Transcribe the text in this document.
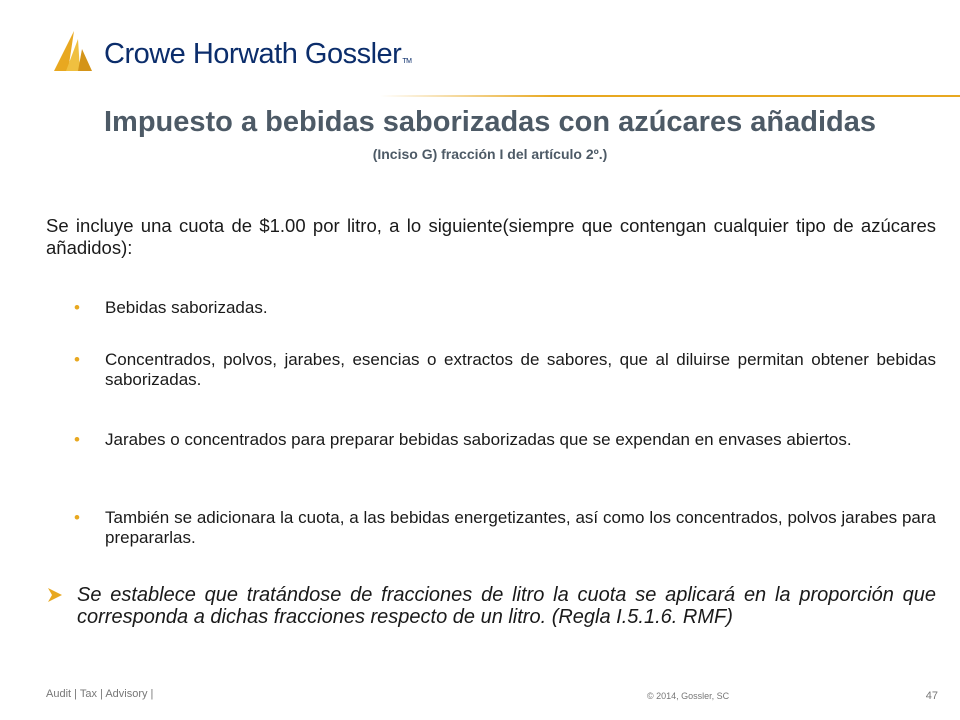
Crowe Horwath GosslerTM
Impuesto a bebidas saborizadas con azúcares añadidas
(Inciso G) fracción I del artículo 2º.)
Se incluye una cuota de $1.00 por litro, a lo siguiente(siempre que contengan cualquier tipo de azúcares añadidos):
• Bebidas saborizadas.
• Concentrados, polvos, jarabes, esencias o extractos de sabores, que al diluirse permitan obtener bebidas saborizadas.
• Jarabes o concentrados para preparar bebidas saborizadas que se expendan en envases abiertos.
• También se adicionara la cuota, a las bebidas energetizantes, así como los concentrados, polvos jarabes para prepararlas.
Se establece que tratándose de fracciones de litro la cuota se aplicará en la proporción que corresponda a dichas fracciones respecto de un litro. (Regla I.5.1.6. RMF)
Audit | Tax | Advisory |	© 2014, Gossler, SC	47
